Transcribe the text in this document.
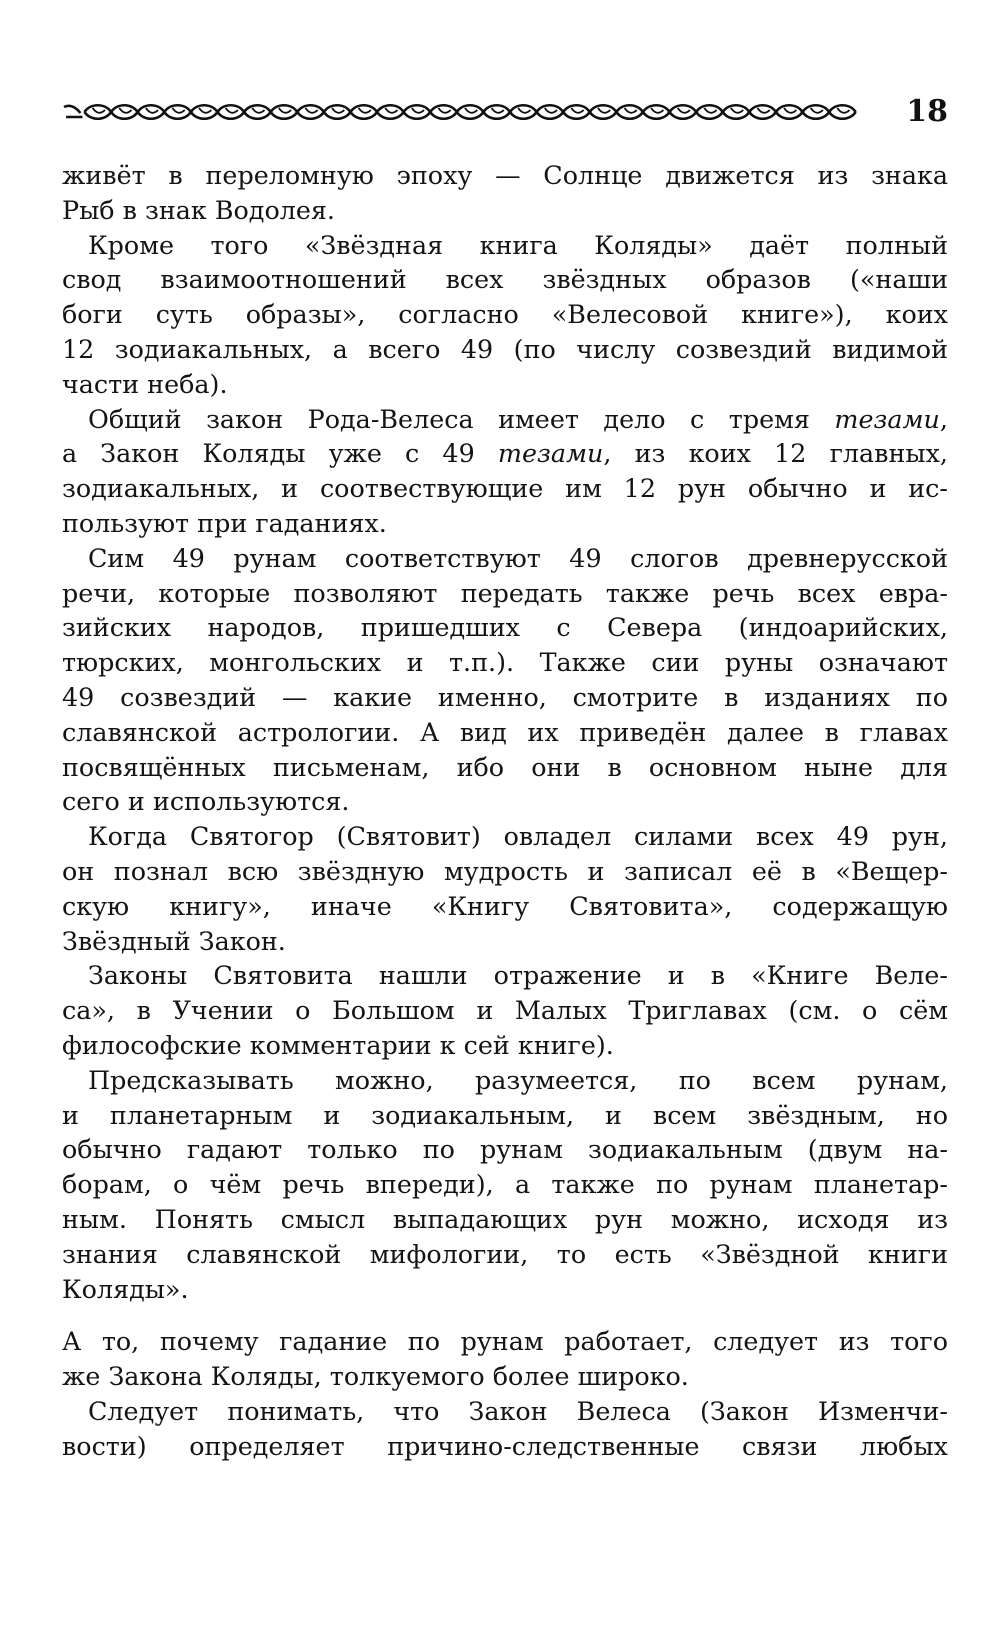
18

живёт в переломную эпоху — Солнце движется из знака
Рыб в знак Водолея.

Кроме того «Звёздная книга Коляды» даёт полный
свод взаимоотношений всех звёздных образов («наши
боги суть образы», согласно «Велесовой книге»), коих
12 зодиакальных, а всего 49 (по числу созвездий видимой
части неба).

Общий закон Рода-Велеса имеет дело с тремя тезами,
а Закон Коляды уже с 49 тезами, из коих 12 главных,
зодиакальных, и соотвествующие им 12 рун обычно и ис-
пользуют при гаданиях.

Сим 49 рунам соответствуют 49 слогов древнерусской
речи, которые позволяют передать также речь всех евра-
зийских народов, пришедших с Севера (индоарийских,
тюрских, монгольских и т.п.). Также сии руны означают
49 созвездий — какие именно, смотрите в изданиях по
славянской астрологии. А вид их приведён далее в главах
посвящённых письменам, ибо они в основном ныне для
сего и используются.

Когда Святогор (Святовит) овладел силами всех 49 рун,
он познал всю звёздную мудрость и записал её в «Вещер-
скую книгу», иначе «Книгу Святовита», содержащую
Звёздный Закон.

Законы Святовита нашли отражение и в «Книге Веле-
са», в Учении о Большом и Малых Триглавах (см. о сём
философские комментарии к сей книге).

Предсказывать можно, разумеется, по всем рунам,
и планетарным и зодиакальным, и всем звёздным, но
обычно гадают только по рунам зодиакальным (двум на-
борам, о чём речь впереди), а также по рунам планетар-
ным. Понять смысл выпадающих рун можно, исходя из
знания славянской мифологии, то есть «Звёздной книги
Коляды».

А то, почему гадание по рунам работает, следует из того
же Закона Коляды, толкуемого более широко.

Следует понимать, что Закон Велеса (Закон Изменчи-
вости) определяет причино-следственные связи любых
